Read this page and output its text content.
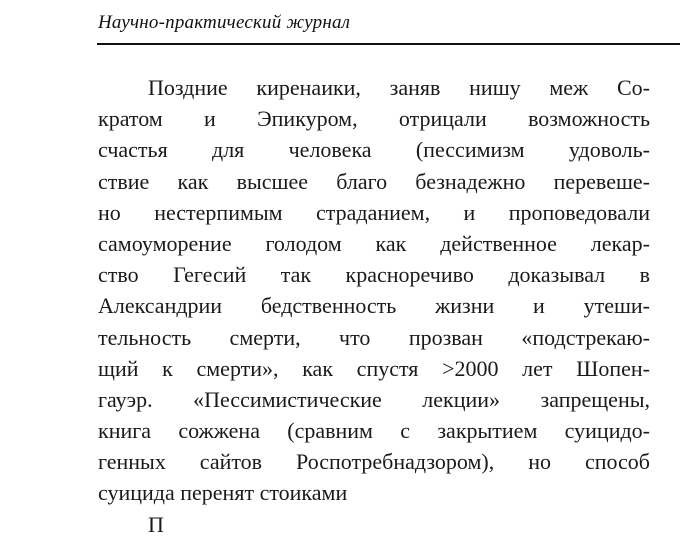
Научно-практический журнал
Поздние киренаики, заняв нишу меж Со-
кратом и Эпикуром, отрицали возможность
счастья для человека (пессимизм удоволь-
ствие как высшее благо безнадежно перевеше-
но нестерпимым страданием, и проповедовали
самоуморение голодом как действенное лекар-
ство Гегесий так красноречиво доказывал в
Александрии бедственность жизни и утеши-
тельность смерти, что прозван «подстрекаю-
щий к смерти», как спустя >2000 лет Шопен-
гауэр. «Пессимистические лекции» запрещены,
книга сожжена (сравним с закрытием суицидо-
генных сайтов Роспотребнадзором), но способ
суицида перенят стоиками
П
